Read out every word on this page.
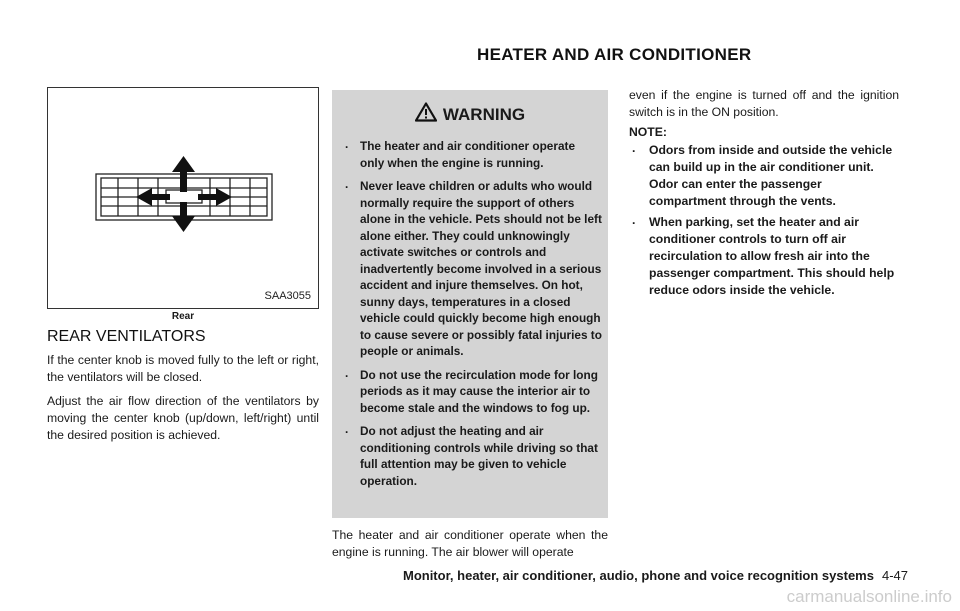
HEATER AND AIR CONDITIONER
SAA3055
Rear
REAR VENTILATORS

If the center knob is moved fully to the left or right, the ventilators will be closed.

Adjust the air flow direction of the ventilators by moving the center knob (up/down, left/right) until the desired position is achieved.

WARNING
. The heater and air conditioner operate only when the engine is running.
. Never leave children or adults who would normally require the support of others alone in the vehicle. Pets should not be left alone either. They could unknowingly activate switches or controls and inadvertently become involved in a serious accident and injure themselves. On hot, sunny days, temperatures in a closed vehicle could quickly become high enough to cause severe or possibly fatal injuries to people or animals.
. Do not use the recirculation mode for long periods as it may cause the interior air to become stale and the windows to fog up.
. Do not adjust the heating and air conditioning controls while driving so that full attention may be given to vehicle operation.

The heater and air conditioner operate when the engine is running. The air blower will operate

even if the engine is turned off and the ignition switch is in the ON position.

NOTE:
. Odors from inside and outside the vehicle can build up in the air conditioner unit. Odor can enter the passenger compartment through the vents.
. When parking, set the heater and air conditioner controls to turn off air recirculation to allow fresh air into the passenger compartment. This should help reduce odors inside the vehicle.
Monitor, heater, air conditioner, audio, phone and voice recognition systems 4-47
carmanualsonline.info
